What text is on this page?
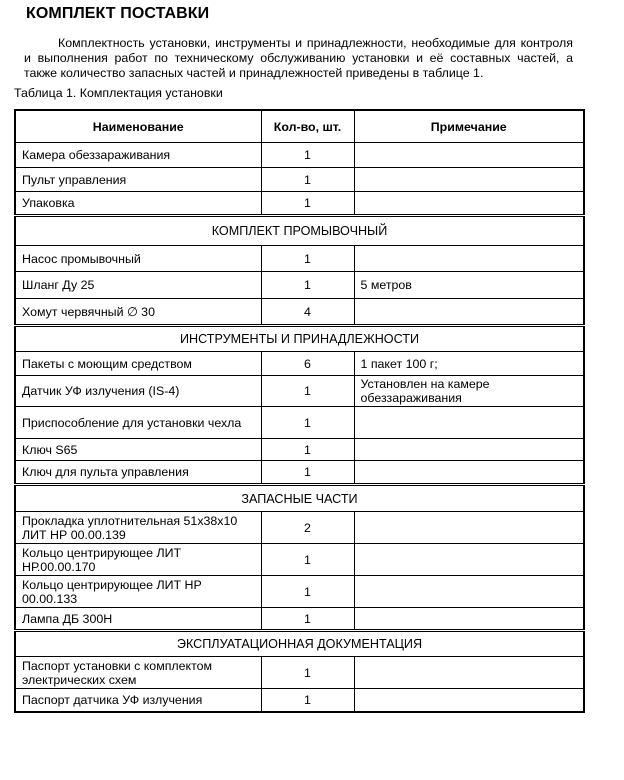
КОМПЛЕКТ ПОСТАВКИ
Комплектность установки, инструменты и принадлежности, необходимые для контроля и выполнения работ по техническому обслуживанию установки и её составных частей, а также количество запасных частей и принадлежностей приведены в таблице 1.
Таблица 1. Комплектация установки
Наименование	Кол-во, шт.	Примечание
Камера обеззараживания	1	
Пульт управления	1	
Упаковка	1	
КОМПЛЕКТ ПРОМЫВОЧНЫЙ		
Насос промывочный	1	
Шланг Ду 25	1	5 метров
Хомут червячный ∅ 30	4	
ИНСТРУМЕНТЫ И ПРИНАДЛЕЖНОСТИ		
Пакеты с моющим средством	6	1 пакет 100 г;
Датчик УФ излучения (IS-4)	1	Установлен на камере обеззараживания
Приспособление для установки чехла	1	
Ключ S65	1	
Ключ для пульта управления	1	
ЗАПАСНЫЕ ЧАСТИ		
Прокладка уплотнительная 51х38х10 ЛИТ НР 00.00.139	2	
Кольцо центрирующее ЛИТ НР.00.00.170	1	
Кольцо центрирующее ЛИТ НР 00.00.133	1	
Лампа ДБ 300Н	1	
ЭКСПЛУАТАЦИОННАЯ ДОКУМЕНТАЦИЯ		
Паспорт установки с комплектом электрических схем	1	
Паспорт датчика УФ излучения	1	
